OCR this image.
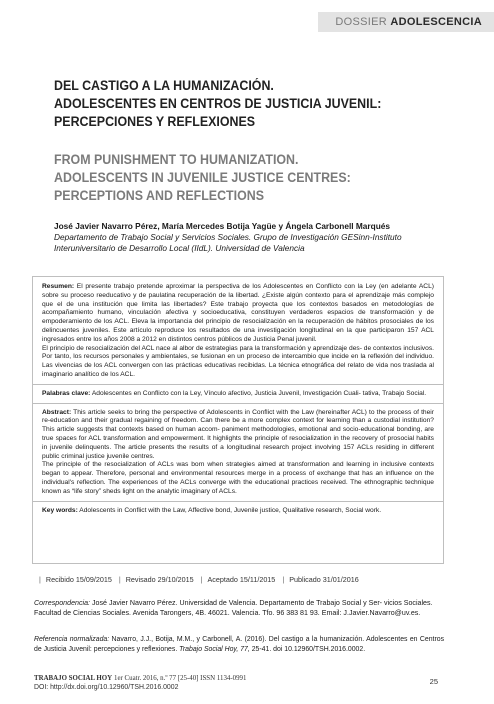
DOSSIER ADOLESCENCIA
DEL CASTIGO A LA HUMANIZACIÓN.
ADOLESCENTES EN CENTROS DE JUSTICIA JUVENIL:
PERCEPCIONES Y REFLEXIONES
FROM PUNISHMENT TO HUMANIZATION.
ADOLESCENTS IN JUVENILE JUSTICE CENTRES:
PERCEPTIONS AND REFLECTIONS
José Javier Navarro Pérez, María Mercedes Botija Yagüe y Ángela Carbonell Marqués
Departamento de Trabajo Social y Servicios Sociales. Grupo de Investigación GESinn-Instituto Interuniversitario de Desarrollo Local (IIdL). Universidad de Valencia

Resumen: El presente trabajo pretende aproximar la perspectiva de los Adolescentes en Conflicto con la Ley (en adelante ACL) sobre su proceso reeducativo y de paulatina recuperación de la libertad. ¿Existe algún contexto para el aprendizaje más complejo que el de una institución que limita las libertades? Este trabajo proyecta que los contextos basados en metodologías de acompañamiento humano, vinculación afectiva y socioeducativa, constituyen verdaderos espacios de transformación y de empoderamiento de los ACL. Eleva la importancia del principio de resocialización en la recuperación de hábitos prosociales de los delincuentes juveniles. Este artículo reproduce los resultados de una investigación longitudinal en la que participaron 157 ACL ingresados entre los años 2008 a 2012 en distintos centros públicos de Justicia Penal juvenil.

El principio de resocialización del ACL nace al albor de estrategias para la transformación y aprendizaje des- de contextos inclusivos. Por tanto, los recursos personales y ambientales, se fusionan en un proceso de intercambio que incide en la reflexión del individuo. Las vivencias de los ACL convergen con las prácticas educativas recibidas. La técnica etnográfica del relato de vida nos traslada al imaginario analítico de los ACL.

Palabras clave: Adolescentes en Conflicto con la Ley, Vínculo afectivo, Justicia Juvenil, Investigación Cuali- tativa, Trabajo Social.

Abstract: This article seeks to bring the perspective of Adolescents in Conflict with the Law (hereinafter ACL) to the process of their re-education and their gradual regaining of freedom. Can there be a more complex context for learning than a custodial institution? This article suggests that contexts based on human accom- paniment methodologies, emotional and socio-educational bonding, are true spaces for ACL transformation and empowerment. It highlights the principle of resocialization in the recovery of prosocial habits in juvenile delinquents. The article presents the results of a longitudinal research project involving 157 ACLs residing in different public criminal justice juvenile centres.

The principle of the resocialization of ACLs was born when strategies aimed at transformation and learning in inclusive contexts began to appear. Therefore, personal and environmental resources merge in a process of exchange that has an influence on the individual's reflection. The experiences of the ACLs converge with the educational practices received. The ethnographic technique known as “life story” sheds light on the analytic imaginary of ACLs.

Key words: Adolescents in Conflict with the Law, Affective bond, Juvenile justice, Qualitative research, Social work.

| Recibido 15/09/2015 | Revisado 29/10/2015 | Aceptado 15/11/2015 | Publicado 31/01/2016
Correspondencia: José Javier Navarro Pérez. Universidad de Valencia. Departamento de Trabajo Social y Ser- vicios Sociales. Facultad de Ciencias Sociales. Avenida Tarongers, 4B. 46021. Valencia. Tfo. 96 383 81 93. Email: J.Javier.Navarro@uv.es.
Referencia normalizada: Navarro, J.J., Botija, M.M., y Carbonell, A. (2016). Del castigo a la humanización. Adolescentes en Centros de Justicia Juvenil: percepciones y reflexiones. Trabajo Social Hoy, 77, 25-41. doi 10.12960/TSH.2016.0002.
TRABAJO SOCIAL HOY 1er Cuatr. 2016, n.º 77 [25-40] ISSN 1134-0991
DOI: http://dx.doi.org/10.12960/TSH.2016.0002
25
